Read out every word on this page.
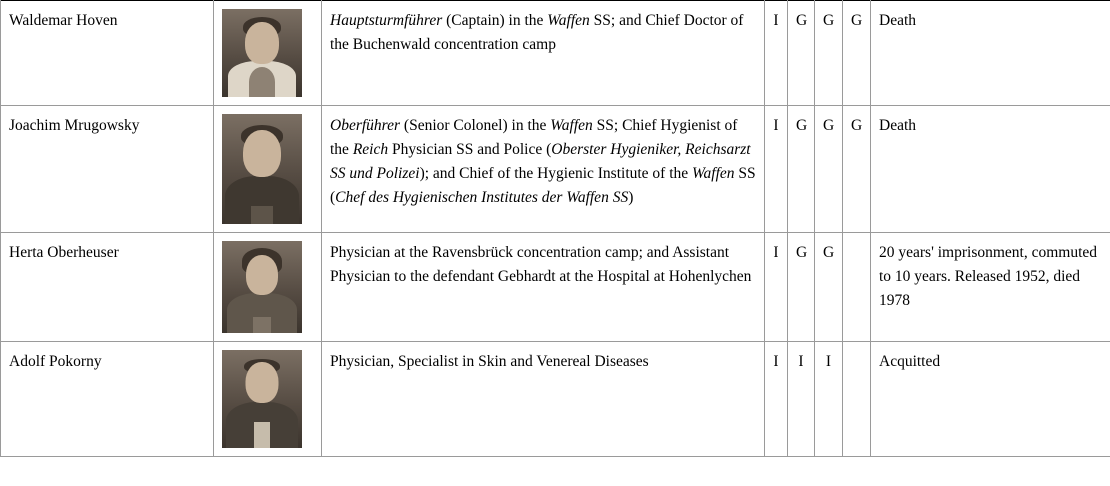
Waldemar Hoven		Hauptsturmführer (Captain) in the Waffen SS; and Chief Doctor of the Buchenwald concentration camp	I	G	G	G	Death
Joachim Mrugowsky		Oberführer (Senior Colonel) in the Waffen SS; Chief Hygienist of the Reich Physician SS and Police (Oberster Hygieniker, Reichsarzt SS und Polizei); and Chief of the Hygienic Institute of the Waffen SS (Chef des Hygienischen Institutes der Waffen SS)	I	G	G	G	Death
Herta Oberheuser		Physician at the Ravensbrück concentration camp; and Assistant Physician to the defendant Gebhardt at the Hospital at Hohenlychen	I	G	G		20 years' imprisonment, commuted to 10 years. Released 1952, died 1978
Adolf Pokorny		Physician, Specialist in Skin and Venereal Diseases	I	I	I		Acquitted
